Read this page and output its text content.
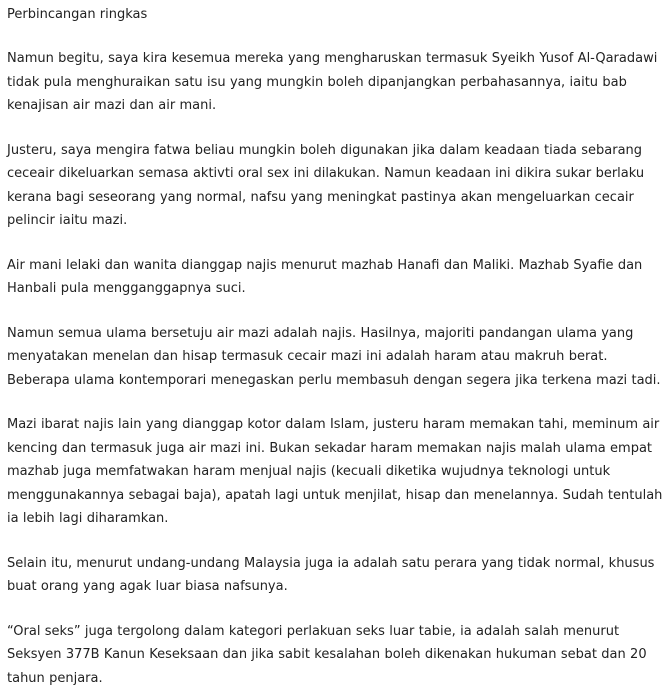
Perbincangan ringkas

Namun begitu, saya kira kesemua mereka yang mengharuskan termasuk Syeikh Yusof Al-Qaradawi tidak pula menghuraikan satu isu yang mungkin boleh dipanjangkan perbahasannya, iaitu bab kenajisan air mazi dan air mani.

Justeru, saya mengira fatwa beliau mungkin boleh digunakan jika dalam keadaan tiada sebarang ceceair dikeluarkan semasa aktivti oral sex ini dilakukan. Namun keadaan ini dikira sukar berlaku kerana bagi seseorang yang normal, nafsu yang meningkat pastinya akan mengeluarkan cecair pelincir iaitu mazi.

Air mani lelaki dan wanita dianggap najis menurut mazhab Hanafi dan Maliki. Mazhab Syafie dan Hanbali pula mengganggapnya suci.

Namun semua ulama bersetuju air mazi adalah najis. Hasilnya, majoriti pandangan ulama yang menyatakan menelan dan hisap termasuk cecair mazi ini adalah haram atau makruh berat. Beberapa ulama kontemporari menegaskan perlu membasuh dengan segera jika terkena mazi tadi.

Mazi ibarat najis lain yang dianggap kotor dalam Islam, justeru haram memakan tahi, meminum air kencing dan termasuk juga air mazi ini. Bukan sekadar haram memakan najis malah ulama empat mazhab juga memfatwakan haram menjual najis (kecuali diketika wujudnya teknologi untuk menggunakannya sebagai baja), apatah lagi untuk menjilat, hisap dan menelannya. Sudah tentulah ia lebih lagi diharamkan.

Selain itu, menurut undang-undang Malaysia juga ia adalah satu perara yang tidak normal, khusus buat orang yang agak luar biasa nafsunya.

“Oral seks” juga tergolong dalam kategori perlakuan seks luar tabie, ia adalah salah menurut Seksyen 377B Kanun Keseksaan dan jika sabit kesalahan boleh dikenakan hukuman sebat dan 20 tahun penjara.
